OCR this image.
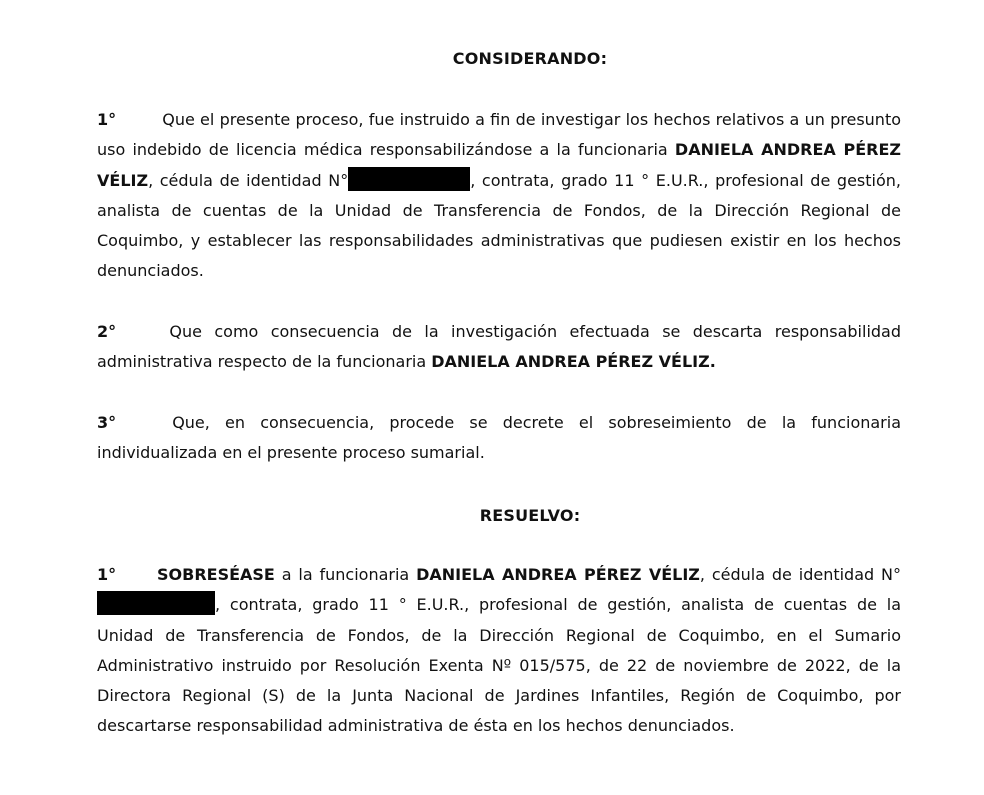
CONSIDERANDO:
1°	Que el presente proceso, fue instruido a fin de investigar los hechos relativos a un presunto uso indebido de licencia médica responsabilizándose a la funcionaria DANIELA ANDREA PÉREZ VÉLIZ, cédula de identidad N°	, contrata, grado 11 ° E.U.R., profesional de gestión, analista de cuentas de la Unidad de Transferencia de Fondos, de la Dirección Regional de Coquimbo, y establecer las responsabilidades administrativas que pudiesen existir en los hechos denunciados.
2°	Que como consecuencia de la investigación efectuada se descarta responsabilidad administrativa respecto de la funcionaria DANIELA ANDREA PÉREZ VÉLIZ.
3°	Que, en consecuencia, procede se decrete el sobreseimiento de la funcionaria individualizada en el presente proceso sumarial.
RESUELVO:
1°	SOBRESÉASE a la funcionaria DANIELA ANDREA PÉREZ VÉLIZ, cédula de identidad N° , contrata, grado 11 ° E.U.R., profesional de gestión, analista de cuentas de la Unidad de Transferencia de Fondos, de la Dirección Regional de Coquimbo, en el Sumario Administrativo instruido por Resolución Exenta Nº 015/575, de 22 de noviembre de 2022, de la Directora Regional (S) de la Junta Nacional de Jardines Infantiles, Región de Coquimbo, por descartarse responsabilidad administrativa de ésta en los hechos denunciados.
